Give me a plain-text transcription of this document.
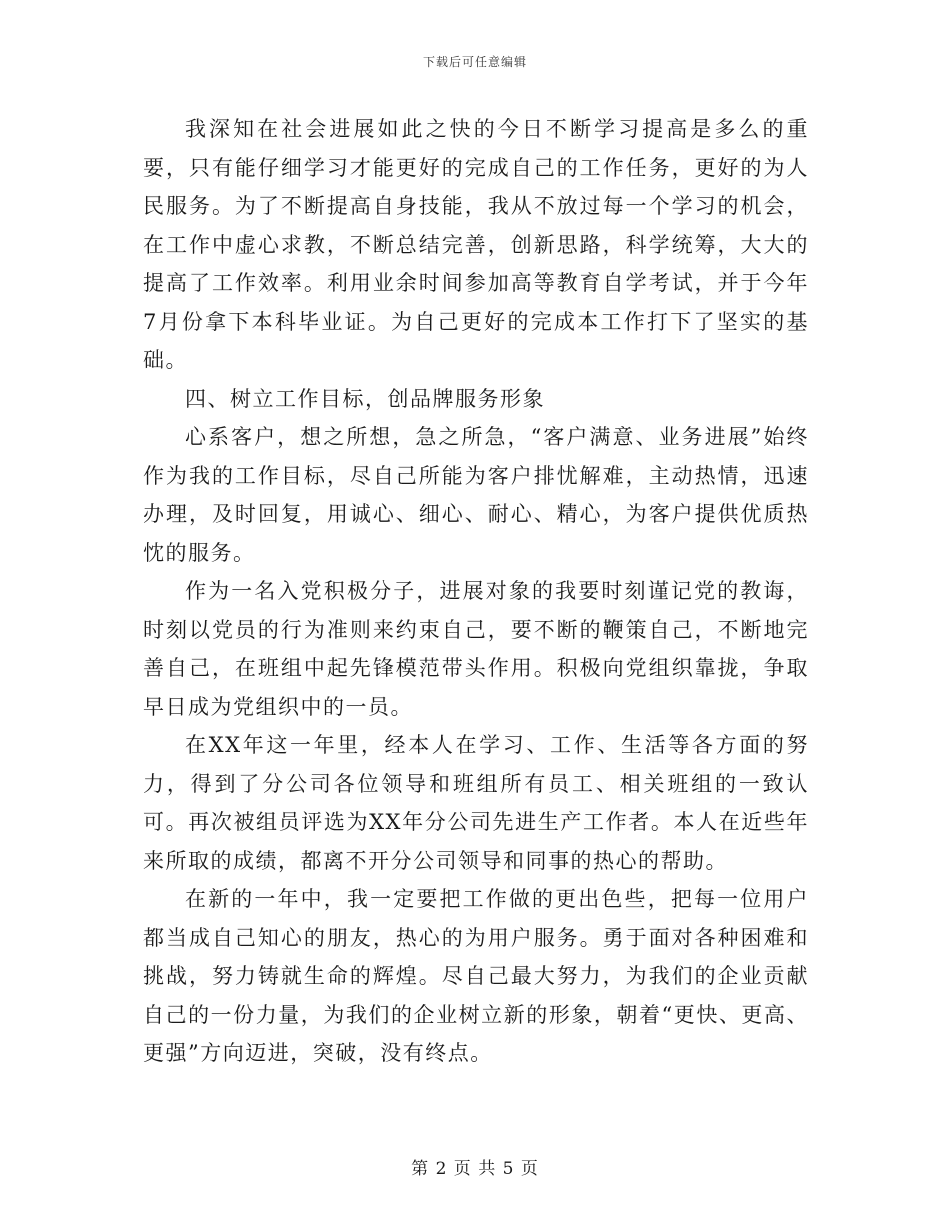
下载后可任意编辑

我深知在社会进展如此之快的今日不断学习提高是多么的重要，只有能仔细学习才能更好的完成自己的工作任务，更好的为人民服务。为了不断提高自身技能，我从不放过每一个学习的机会，在工作中虚心求教，不断总结完善，创新思路，科学统筹，大大的提高了工作效率。利用业余时间参加高等教育自学考试，并于今年7月份拿下本科毕业证。为自己更好的完成本工作打下了坚实的基础。

四、树立工作目标，创品牌服务形象

心系客户，想之所想，急之所急，“客户满意、业务进展”始终作为我的工作目标，尽自己所能为客户排忧解难，主动热情，迅速办理，及时回复，用诚心、细心、耐心、精心，为客户提供优质热忱的服务。

作为一名入党积极分子，进展对象的我要时刻谨记党的教诲，时刻以党员的行为准则来约束自己，要不断的鞭策自己，不断地完善自己，在班组中起先锋模范带头作用。积极向党组织靠拢，争取早日成为党组织中的一员。

在XX年这一年里，经本人在学习、工作、生活等各方面的努力，得到了分公司各位领导和班组所有员工、相关班组的一致认可。再次被组员评选为XX年分公司先进生产工作者。本人在近些年来所取的成绩，都离不开分公司领导和同事的热心的帮助。

在新的一年中，我一定要把工作做的更出色些，把每一位用户都当成自己知心的朋友，热心的为用户服务。勇于面对各种困难和挑战，努力铸就生命的辉煌。尽自己最大努力，为我们的企业贡献自己的一份力量，为我们的企业树立新的形象，朝着“更快、更高、更强”方向迈进，突破，没有终点。

第 2 页 共 5 页
